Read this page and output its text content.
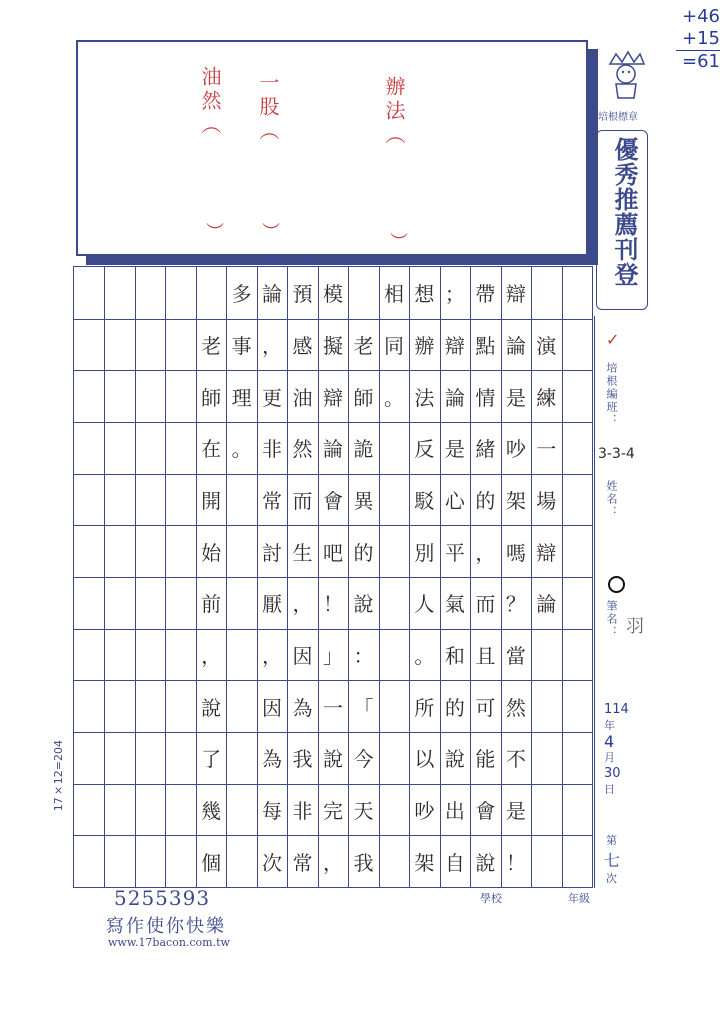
+46
+15
=61
油然（ 一股（	辦法（
） ）
）
培根標章
優秀推薦刊登
✓
培根編班：
3-3-4
姓名：
筆名： 羽
114
年
4
月
30
日
第
七
次
17×12=204
演
練
一
場
辯
論
辯
論
是
吵
架
嗎
？
當
然
不
是
！
帶
點
情
緒
的
，
而
且
可
能
會
說
；
辯
論
是
心
平
氣
和
的
說
出
自
想
辦
法
反
駁
別
人
。
所
以
吵
架
相
同
。
老
師
詭
異
的
說
：
「
今
天
我
模
擬
辯
論
會
吧
！
」
一
說
完
，
預
感
油
然
而
生
，
因
為
我
非
常
論
，
更
非
常
討
厭
，
因
為
每
次
多
事
理
。
老
師
在
開
始
前
，
說
了
幾
個
學校	年級
5255393
寫作使你快樂
www.17bacon.com.tw
